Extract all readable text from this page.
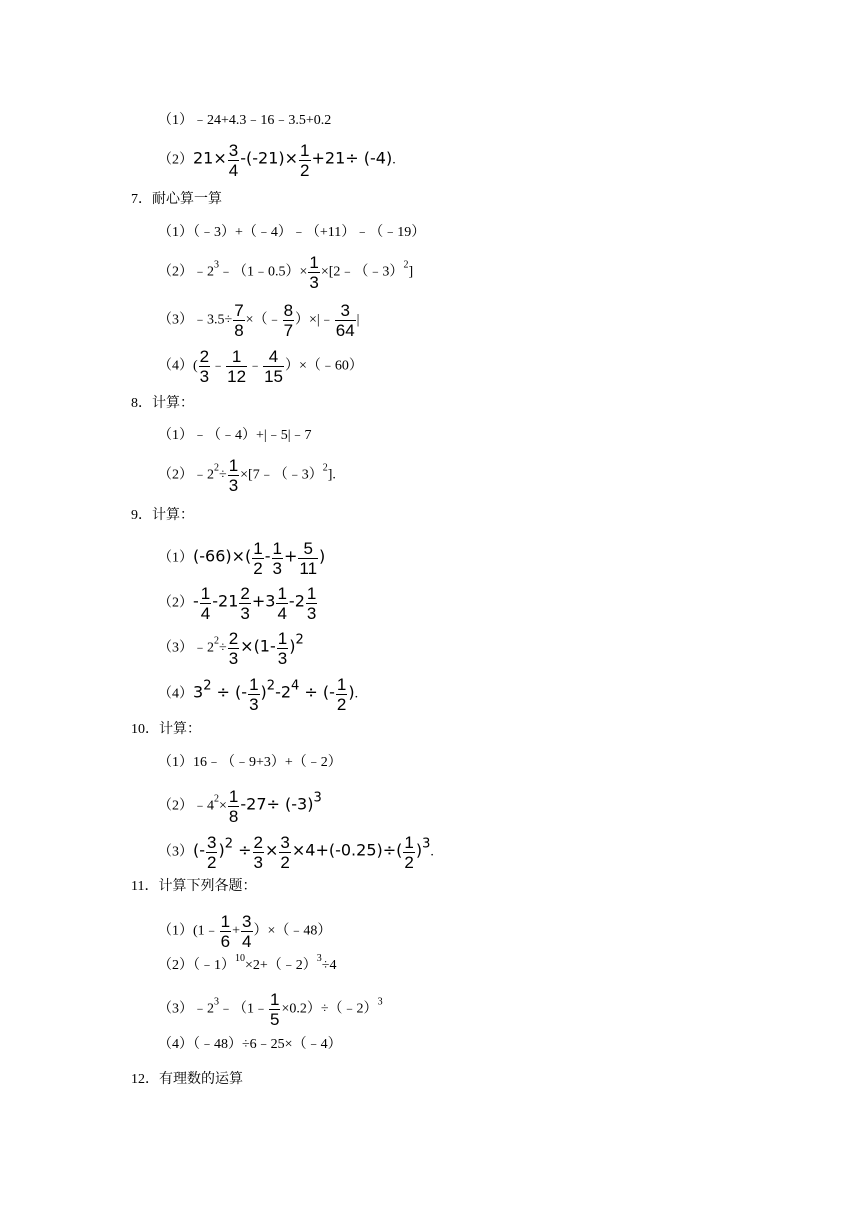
（1）﹣24+4.3﹣16﹣3.5+0.2
$(2)21\times \frac{3}{4} -(-21)\times \frac{1}{2} +21\div (-4)$.
7．耐心算一算
（1）（﹣3）+（﹣4）﹣（+11）﹣（﹣19）
$(2)﹣2^3﹣(1﹣0.5)\times \frac{1}{3}$ ×[2﹣（﹣3）$^2$]
（3）﹣3.5÷ $\frac{7}{8}$ ×（﹣ $\frac{8}{7}$ ）×|﹣ $\frac{3}{64}$ |
$(4)( \frac{2}{3}$ ﹣ $\frac{1}{12}$ ﹣ $\frac{4}{15}$ ）×（﹣60）
8．计算：
（1）﹣（﹣4）+|﹣5|﹣7
$(2)﹣2^2\div \frac{1}{3}$ ×[7﹣（﹣3）$^2$].
9．计算：
$(1)(-66)\times( \frac{1}{2} - \frac{1}{3} + \frac{5}{11}$ )
$(2)- \frac{1}{4} -21 \frac{2}{3} +3 \frac{1}{4} -2 \frac{1}{3}$
$(3)﹣2^2\div \frac{2}{3} \times(1- \frac{1}{3} )^2$
$(4)3^2$ ÷ (- $\frac{1}{3} )^2-2^4$ ÷ (- $\frac{1}{2}$ ).
10．计算：
（1）16﹣（﹣9+3）+（﹣2）
$(2)﹣4^2\times \frac{1}{8} -27\div (-3)^3$
$(3)(- \frac{3}{2} )^2 \div \frac{2}{3} \times \frac{3}{2} \times 4+(-0.25)\div( \frac{1}{2} )^3$.
11．计算下列各题：
（1）(1﹣ $\frac{1}{6} + \frac{3}{4}$ ）×（﹣48）
（2）（﹣1）$^{10}$×2+（﹣2）$^3$÷4
$(3)﹣2^3﹣(1﹣ \frac{1}{5}$ ×0.2）÷（﹣2）$^3$
（4）（﹣48）÷6﹣25×（﹣4）
12．有理数的运算
